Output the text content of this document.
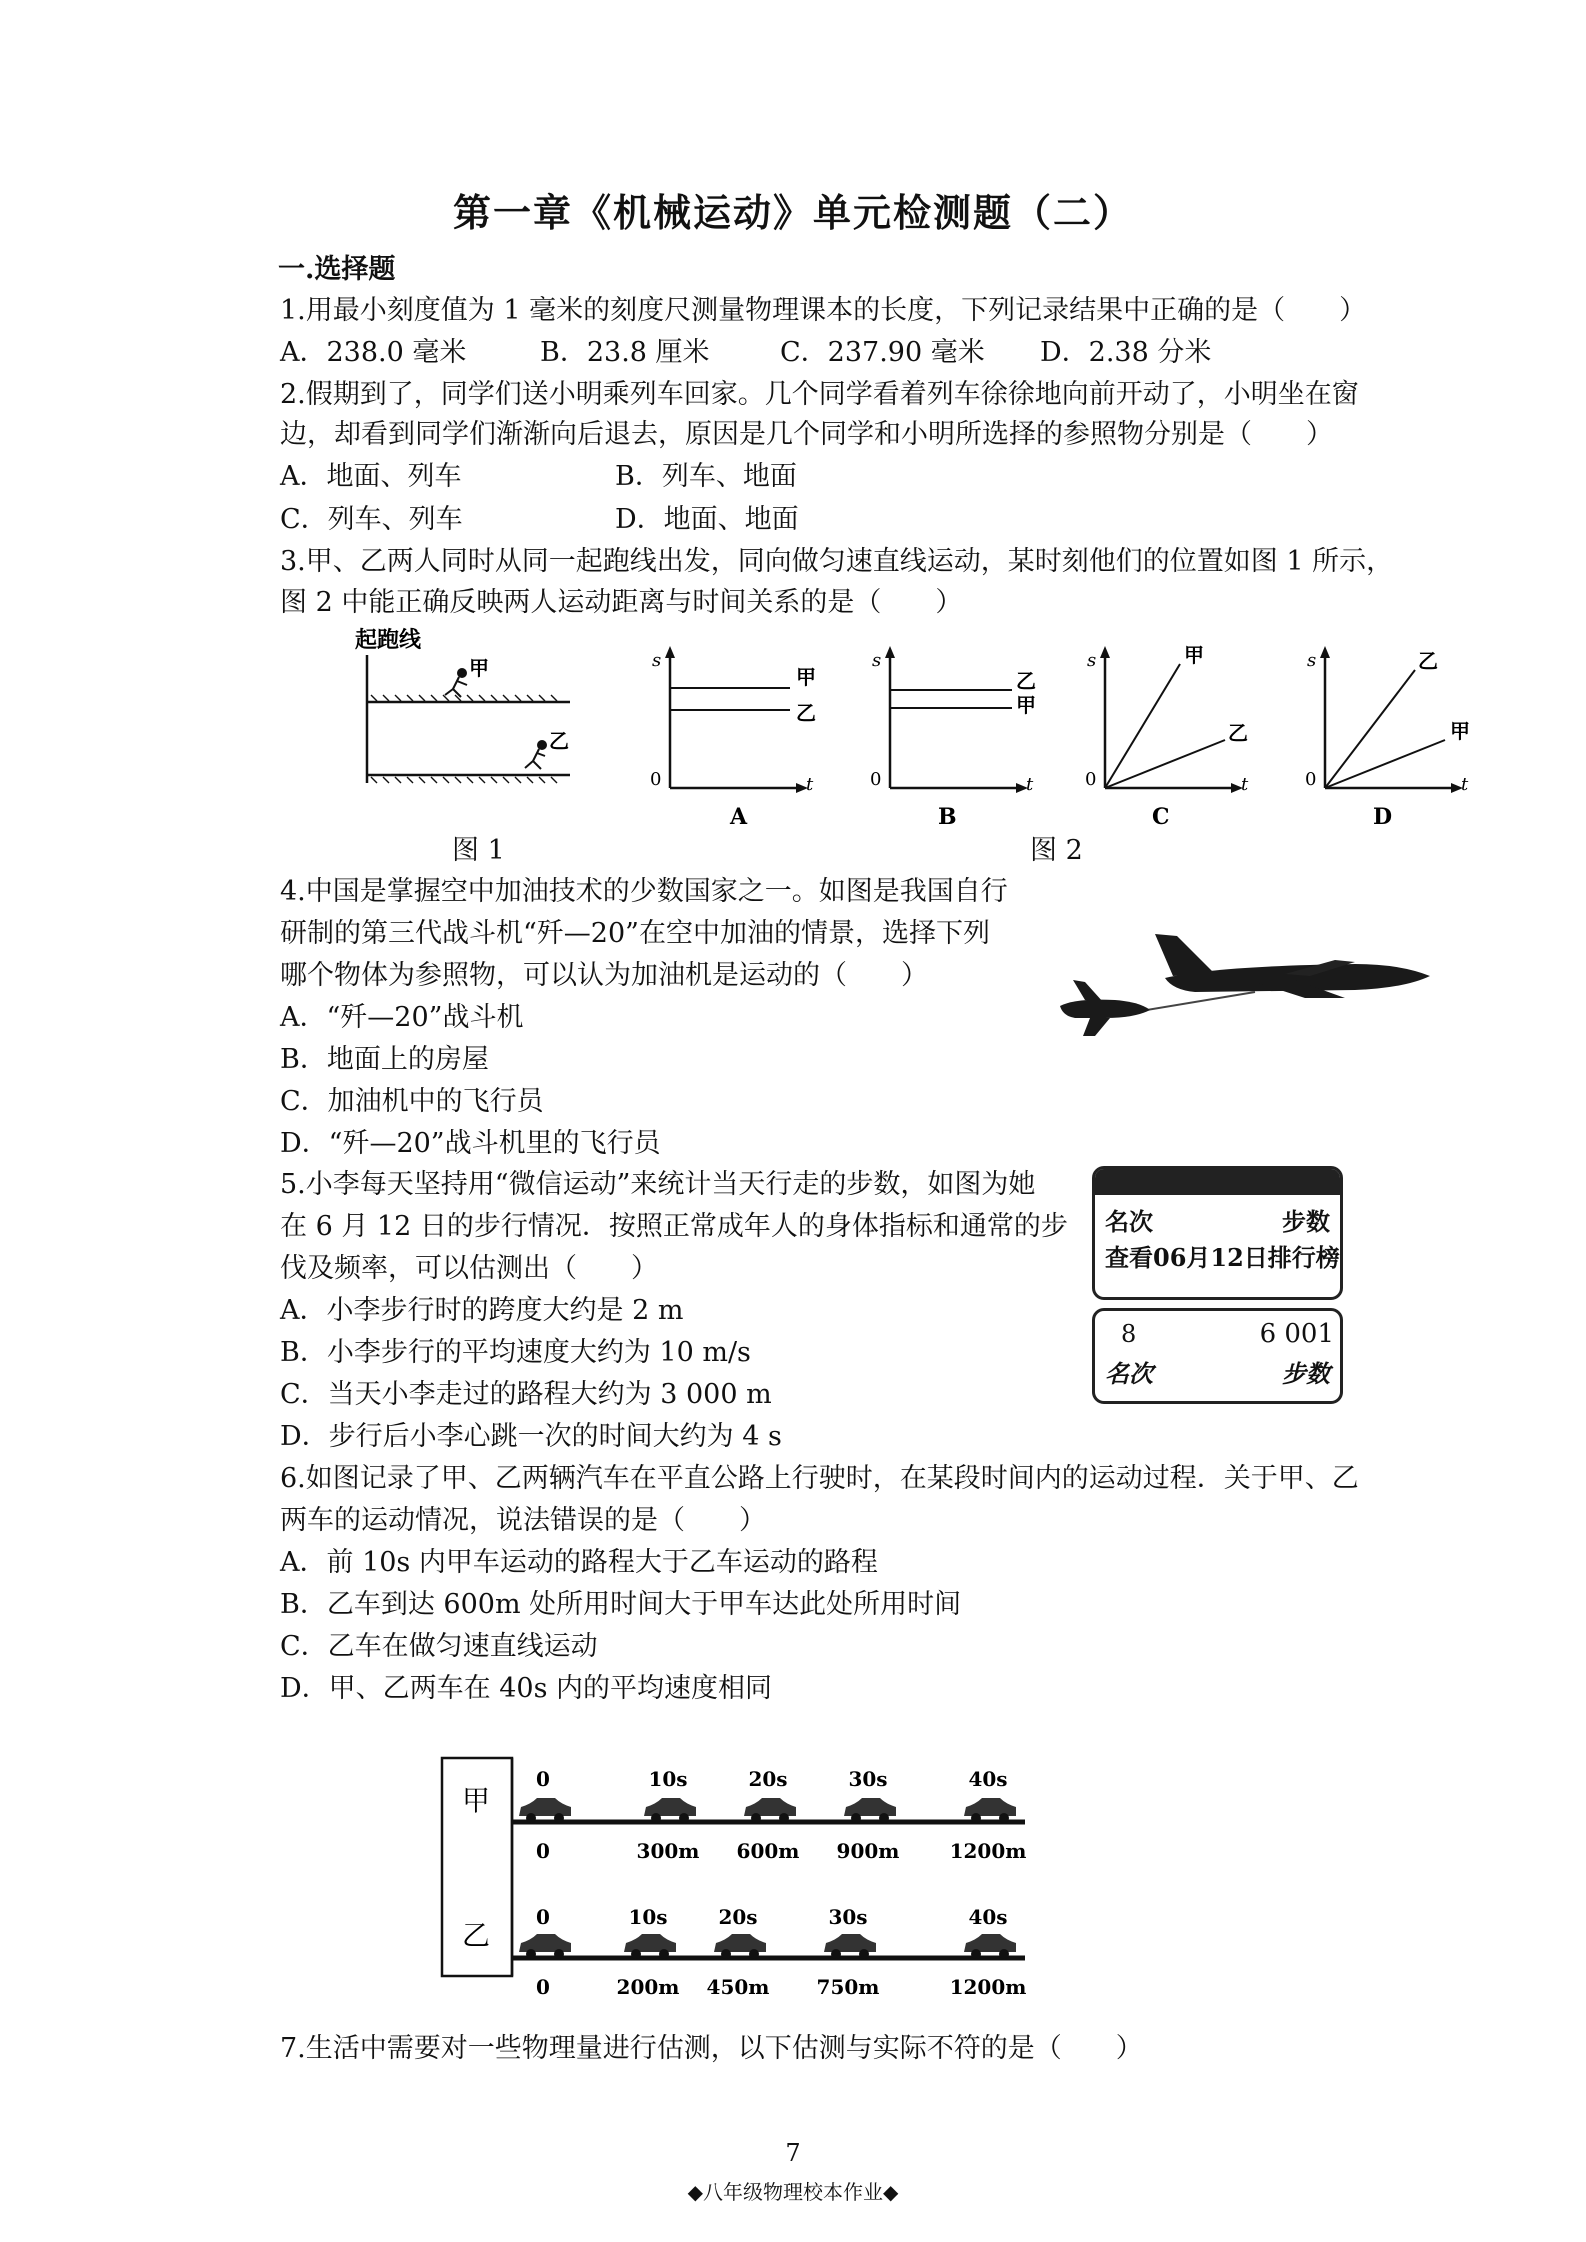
第一章《机械运动》单元检测题（二）
一.选择题
1.用最小刻度值为 1 毫米的刻度尺测量物理课本的长度，下列记录结果中正确的是（　　）
A．238.0 毫米	B．23.8 厘米	C．237.90 毫米 D．2.38 分米
2.假期到了，同学们送小明乘列车回家。几个同学看着列车徐徐地向前开动了，小明坐在窗
边，却看到同学们渐渐向后退去，原因是几个同学和小明所选择的参照物分别是（　　）
A．地面、列车	B．列车、地面
C．列车、列车	D．地面、地面
3.甲、乙两人同时从同一起跑线出发，同向做匀速直线运动，某时刻他们的位置如图 1 所示，
图 2 中能正确反映两人运动距离与时间关系的是（　　）
起跑线
甲
乙
图 1
s
0	t
甲
乙
A
s
0	t
乙
甲
B
s
0	t
甲
乙
C
s
0	t
乙
甲
D
图 2
4.中国是掌握空中加油技术的少数国家之一。如图是我国自行
研制的第三代战斗机“歼—20”在空中加油的情景，选择下列
哪个物体为参照物，可以认为加油机是运动的（　　）
A．“歼—20”战斗机
B．地面上的房屋
C．加油机中的飞行员
D．“歼—20”战斗机里的飞行员
5.小李每天坚持用“微信运动”来统计当天行走的步数，如图为她
在 6 月 12 日的步行情况．按照正常成年人的身体指标和通常的步
伐及频率，可以估测出（　　）
A．小李步行时的跨度大约是 2 m
B．小李步行的平均速度大约为 10 m/s
C．当天小李走过的路程大约为 3 000 m
D．步行后小李心跳一次的时间大约为 4 s
名次	步数
查看06月12日排行榜
8	6 001
名次	步数
6.如图记录了甲、乙两辆汽车在平直公路上行驶时，在某段时间内的运动过程．关于甲、乙
两车的运动情况，说法错误的是（　　）
A．前 10s 内甲车运动的路程大于乙车运动的路程
B．乙车到达 600m 处所用时间大于甲车达此处所用时间
C．乙车在做匀速直线运动
D．甲、乙两车在 40s 内的平均速度相同
甲
乙
0
0
10s
300m
20s
600m
30s
900m
40s
1200m
0
0
10s
200m
20s
450m
30s
750m
40s
1200m
7.生活中需要对一些物理量进行估测，以下估测与实际不符的是（　　）
7
◆八年级物理校本作业◆
